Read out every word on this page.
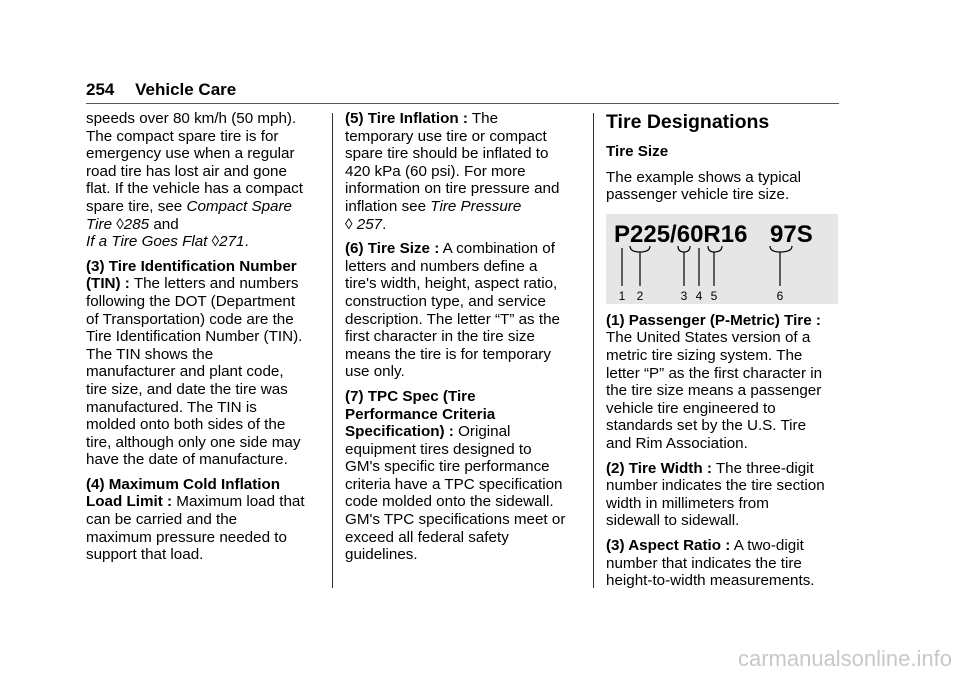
254 Vehicle Care

speeds over 80 km/h (50 mph).
The compact spare tire is for
emergency use when a regular
road tire has lost air and gone
flat. If the vehicle has a compact
spare tire, see Compact Spare
Tire ◊285 and
If a Tire Goes Flat ◊271.

(3) Tire Identification Number
(TIN) : The letters and numbers
following the DOT (Department
of Transportation) code are the
Tire Identification Number (TIN).
The TIN shows the
manufacturer and plant code,
tire size, and date the tire was
manufactured. The TIN is
molded onto both sides of the
tire, although only one side may
have the date of manufacture.

(4) Maximum Cold Inflation
Load Limit : Maximum load that
can be carried and the
maximum pressure needed to
support that load.

(5) Tire Inflation : The
temporary use tire or compact
spare tire should be inflated to
420 kPa (60 psi). For more
information on tire pressure and
inflation see Tire Pressure
◊ 257.

(6) Tire Size : A combination of
letters and numbers define a
tire's width, height, aspect ratio,
construction type, and service
description. The letter “T” as the
first character in the tire size
means the tire is for temporary
use only.

(7) TPC Spec (Tire
Performance Criteria
Specification) : Original
equipment tires designed to
GM's specific tire performance
criteria have a TPC specification
code molded onto the sidewall.
GM's TPC specifications meet or
exceed all federal safety
guidelines.

Tire Designations
Tire Size

The example shows a typical
passenger vehicle tire size.

P225/60R16 97S
1 2	3 4 5	6

(1) Passenger (P-Metric) Tire :
The United States version of a
metric tire sizing system. The
letter “P” as the first character in
the tire size means a passenger
vehicle tire engineered to
standards set by the U.S. Tire
and Rim Association.

(2) Tire Width : The three-digit
number indicates the tire section
width in millimeters from
sidewall to sidewall.

(3) Aspect Ratio : A two-digit
number that indicates the tire
height-to-width measurements.

carmanualsonline.info
